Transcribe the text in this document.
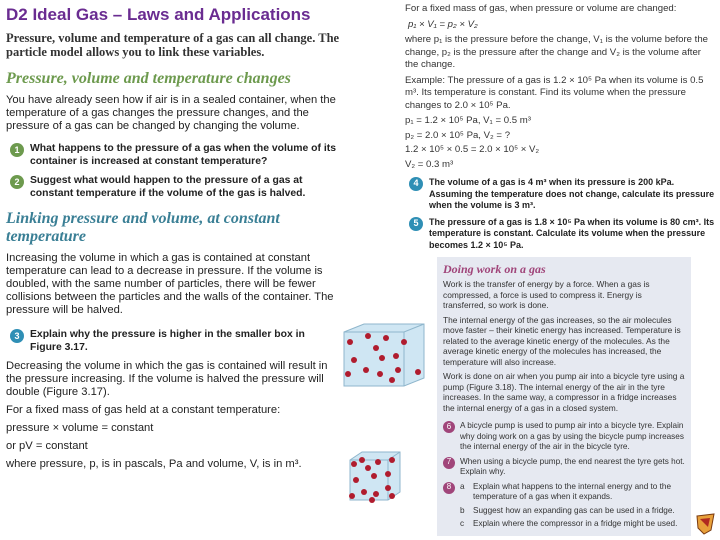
D2 Ideal Gas – Laws and Applications
Pressure, volume and temperature of a gas can all change. The particle model allows you to link these variables.
Pressure, volume and temperature changes
You have already seen how if air is in a sealed container, when the temperature of a gas changes the pressure changes, and the pressure of a gas can be changed by changing the volume.
1	What happens to the pressure of a gas when the volume of its container is increased at constant temperature?
2	Suggest what would happen to the pressure of a gas at constant temperature if the volume of the gas is halved.
Linking pressure and volume, at constant temperature
Increasing the volume in which a gas is contained at constant temperature can lead to a decrease in pressure. If the volume is doubled, with the same number of particles, there will be fewer collisions between the particles and the walls of the container. The pressure will be halved.
3	Explain why the pressure is higher in the smaller box in Figure 3.17.
Decreasing the volume in which the gas is contained will result in the pressure increasing. If the volume is halved the pressure will double (Figure 3.17).
For a fixed mass of gas held at a constant temperature:
pressure × volume = constant
or pV = constant
where pressure, p, is in pascals, Pa and volume, V, is in m³.
For a fixed mass of gas, when pressure or volume are changed:
p₁ × V₁ = p₂ × V₂
where p₁ is the pressure before the change, V₁ is the volume before the change, p₂ is the pressure after the change and V₂ is the volume after the change.
Example: The pressure of a gas is 1.2 × 10⁵ Pa when its volume is 0.5 m³. Its temperature is constant. Find its volume when the pressure changes to 2.0 × 10⁵ Pa.
p₁ = 1.2 × 10⁵ Pa, V₁ = 0.5 m³
p₂ = 2.0 × 10⁵ Pa, V₂ = ?
1.2 × 10⁵ × 0.5 = 2.0 × 10⁵ × V₂
V₂ = 0.3 m³
4	The volume of a gas is 4 m³ when its pressure is 200 kPa. Assuming the temperature does not change, calculate its pressure when the volume is 3 m³.
5	The pressure of a gas is 1.8 × 10⁵ Pa when its volume is 80 cm³. Its temperature is constant. Calculate its volume when the pressure becomes 1.2 × 10⁵ Pa.
Doing work on a gas
Work is the transfer of energy by a force. When a gas is compressed, a force is used to compress it. Energy is transferred, so work is done.
The internal energy of the gas increases, so the air molecules move faster – their kinetic energy has increased. Temperature is related to the average kinetic energy of the molecules. As the average kinetic energy of the molecules has increased, the temperature will also increase.
Work is done on air when you pump air into a bicycle tyre using a pump (Figure 3.18). The internal energy of the air in the tyre increases. In the same way, a compressor in a fridge increases the internal energy of a gas in a closed system.
6	A bicycle pump is used to pump air into a bicycle tyre. Explain why doing work on a gas by using the bicycle pump increases the internal energy of the air in the bicycle tyre.
7	When using a bicycle pump, the end nearest the tyre gets hot. Explain why.
8	a	Explain what happens to the internal energy and to the temperature of a gas when it expands.
b	Suggest how an expanding gas can be used in a fridge.
c	Explain where the compressor in a fridge might be used.
